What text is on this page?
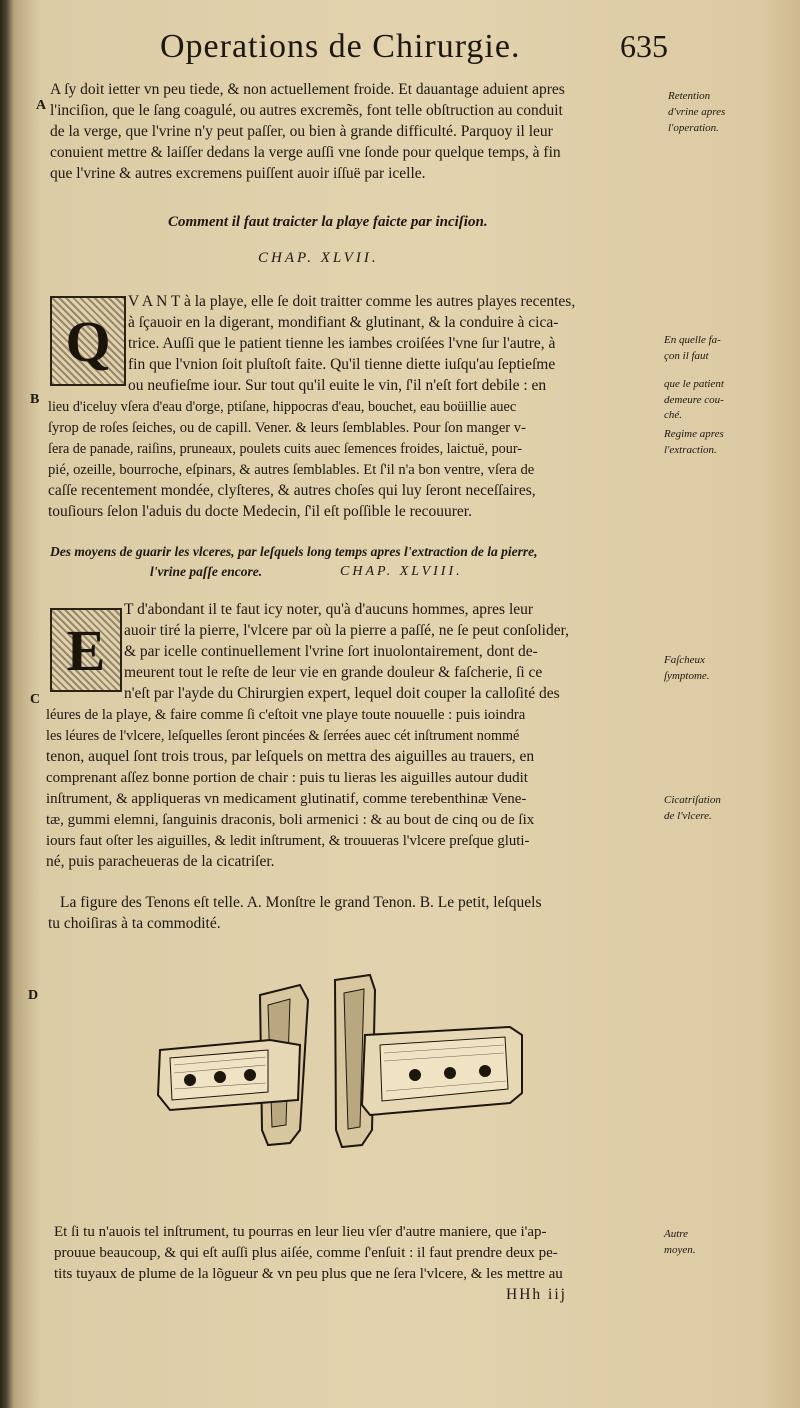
Operations de Chirurgie.	635
A
B
C
D
A ſy doit ietter vn peu tiede, & non actuellement froide. Et dauantage aduient apres
l'inciſion, que le ſang coagulé, ou autres excremẽs, font telle obſtruction au conduit
de la verge, que l'vrine n'y peut paſſer, ou bien à grande difficulté. Parquoy il leur
conuient mettre & laiſſer dedans la verge auſſi vne ſonde pour quelque temps, à fin
que l'vrine & autres excremens puiſſent auoir iſſuë par icelle.
Retention
d'vrine apres
l'operation.
Comment il faut traicter la playe faicte par inciſion.
CHAP. XLVII.
Q
V A N T à la playe, elle ſe doit traitter comme les autres playes recentes,
à ſçauoir en la digerant, mondifiant & glutinant, & la conduire à cica-
trice. Auſſi que le patient tienne les iambes croiſées l'vne ſur l'autre, à
fin que l'vnion ſoit pluſtoſt faite. Qu'il tienne diette iuſqu'au ſeptieſme
ou neufieſme iour. Sur tout qu'il euite le vin, ſ'il n'eſt fort debile : en
lieu d'iceluy vſera d'eau d'orge, ptiſane, hippocras d'eau, bouchet, eau boüillie auec
ſyrop de roſes ſeiches, ou de capill. Vener. & leurs ſemblables. Pour ſon manger v-
ſera de panade, raiſins, pruneaux, poulets cuits auec ſemences froides, laictuë, pour-
pié, ozeille, bourroche, eſpinars, & autres ſemblables. Et ſ'il n'a bon ventre, vſera de
caſſe recentement mondée, clyſteres, & autres choſes qui luy ſeront neceſſaires,
touſiours ſelon l'aduis du docte Medecin, ſ'il eſt poſſible le recouurer.
En quelle fa-
çon il faut
que le patient
demeure cou-
ché.
Regime apres
l'extraction.
Des moyens de guarir les vlceres, par leſquels long temps apres l'extraction de la pierre,
l'vrine paſſe encore.	CHAP. XLVIII.
E
T d'abondant il te faut icy noter, qu'à d'aucuns hommes, apres leur
auoir tiré la pierre, l'vlcere par où la pierre a paſſé, ne ſe peut conſolider,
& par icelle continuellement l'vrine ſort inuolontairement, dont de-
meurent tout le reſte de leur vie en grande douleur & faſcherie, ſi ce
n'eſt par l'ayde du Chirurgien expert, lequel doit couper la calloſité des
léures de la playe, & faire comme ſi c'eſtoit vne playe toute nouuelle : puis ioindra
les léures de l'vlcere, leſquelles ſeront pincées & ſerrées auec cét inſtrument nommé
tenon, auquel ſont trois trous, par leſquels on mettra des aiguilles au trauers, en
comprenant aſſez bonne portion de chair : puis tu lieras les aiguilles autour dudit
inſtrument, & appliqueras vn medicament glutinatif, comme terebenthinæ Vene-
tæ, gummi elemni, ſanguinis draconis, boli armenici : & au bout de cinq ou de ſix
iours faut oſter les aiguilles, & ledit inſtrument, & trouueras l'vlcere preſque gluti-
né, puis paracheueras de la cicatriſer.
Faſcheux
ſymptome.
Cicatriſation
de l'vlcere.
La figure des Tenons eſt telle. A. Monſtre le grand Tenon. B. Le petit, leſquels
tu choiſiras à ta commodité.
Et ſi tu n'auois tel inſtrument, tu pourras en leur lieu vſer d'autre maniere, que i'ap-
prouue beaucoup, & qui eſt auſſi plus aiſée, comme ſ'enſuit : il faut prendre deux pe-
tits tuyaux de plume de la lõgueur & vn peu plus que ne ſera l'vlcere, & les mettre au
Autre
moyen.
HHh iij
